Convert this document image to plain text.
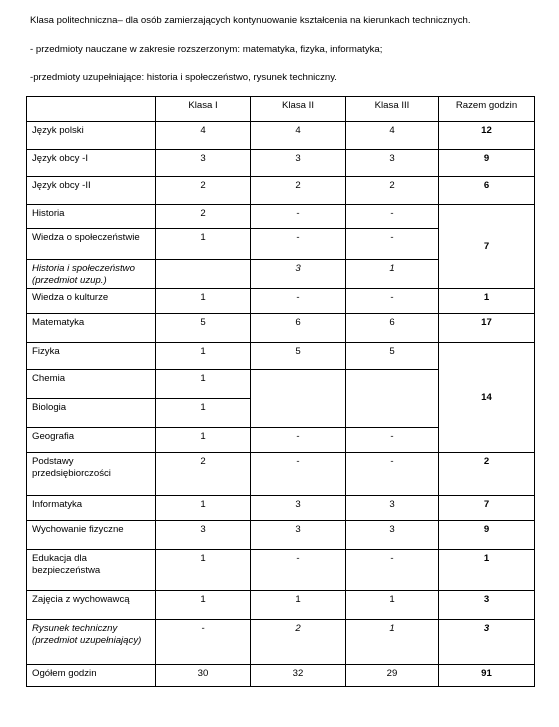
Klasa politechniczna– dla osób zamierzających kontynuowanie kształcenia na kierunkach technicznych.
- przedmioty nauczane w zakresie rozszerzonym: matematyka, fizyka, informatyka;
-przedmioty uzupełniające: historia i społeczeństwo, rysunek techniczny.
	Klasa I	Klasa II	Klasa III	Razem godzin
Język polski	4	4	4	12
Język obcy -I	3	3	3	9
Język obcy -II	2	2	2	6
Historia	2	-	-	7
Wiedza o społeczeństwie	1	-	-	
Historia i społeczeństwo (przedmiot uzup.)		3	1	
Wiedza o kulturze	1	-	-	1
Matematyka	5	6	6	17
Fizyka	1	5	5	14
Chemia	1			
Biologia	1			
Geografia	1	-	-	
Podstawy przedsiębiorczości	2	-	-	2
Informatyka	1	3	3	7
Wychowanie fizyczne	3	3	3	9
Edukacja dla bezpieczeństwa	1	-	-	1
Zajęcia z wychowawcą	1	1	1	3
Rysunek techniczny (przedmiot uzupełniający)	-	2	1	3
Ogółem godzin	30	32	29	91
